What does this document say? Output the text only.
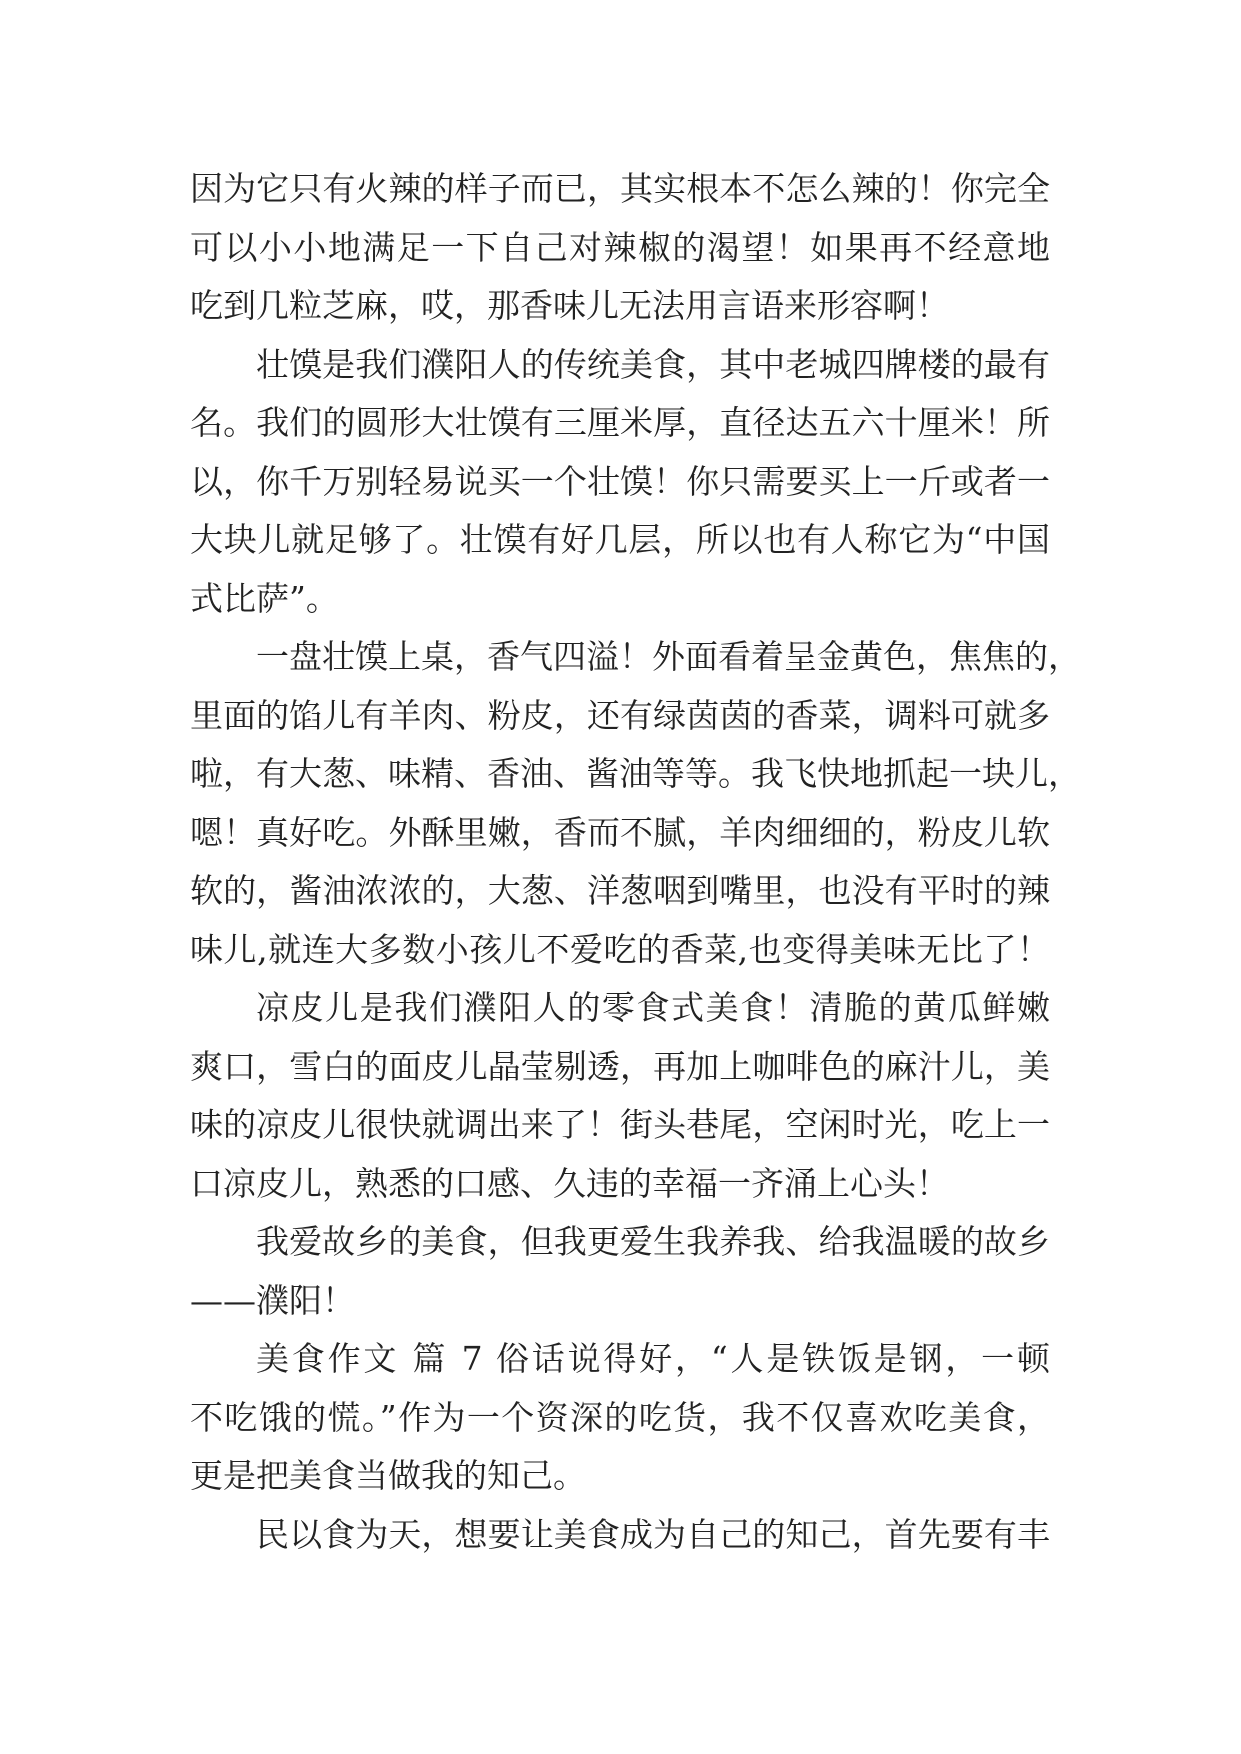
因为它只有火辣的样子而已，其实根本不怎么辣的！你完全
可以小小地满足一下自己对辣椒的渴望！如果再不经意地
吃到几粒芝麻，哎，那香味儿无法用言语来形容啊！
壮馍是我们濮阳人的传统美食，其中老城四牌楼的最有
名。我们的圆形大壮馍有三厘米厚，直径达五六十厘米！所
以，你千万别轻易说买一个壮馍！你只需要买上一斤或者一
大块儿就足够了。壮馍有好几层，所以也有人称它为“中国
式比萨”。
一盘壮馍上桌，香气四溢！外面看着呈金黄色，焦焦的，
里面的馅儿有羊肉、粉皮，还有绿茵茵的香菜，调料可就多
啦，有大葱、味精、香油、酱油等等。我飞快地抓起一块儿，
嗯！真好吃。外酥里嫩，香而不腻，羊肉细细的，粉皮儿软
软的，酱油浓浓的，大葱、洋葱咽到嘴里，也没有平时的辣
味儿,就连大多数小孩儿不爱吃的香菜,也变得美味无比了！
凉皮儿是我们濮阳人的零食式美食！清脆的黄瓜鲜嫩
爽口，雪白的面皮儿晶莹剔透，再加上咖啡色的麻汁儿，美
味的凉皮儿很快就调出来了！街头巷尾，空闲时光，吃上一
口凉皮儿，熟悉的口感、久违的幸福一齐涌上心头！
我爱故乡的美食，但我更爱生我养我、给我温暖的故乡
——濮阳！
美食作文 篇 7 俗话说得好，“人是铁饭是钢，一顿
不吃饿的慌。”作为一个资深的吃货，我不仅喜欢吃美食，
更是把美食当做我的知己。
民以食为天，想要让美食成为自己的知己，首先要有丰
